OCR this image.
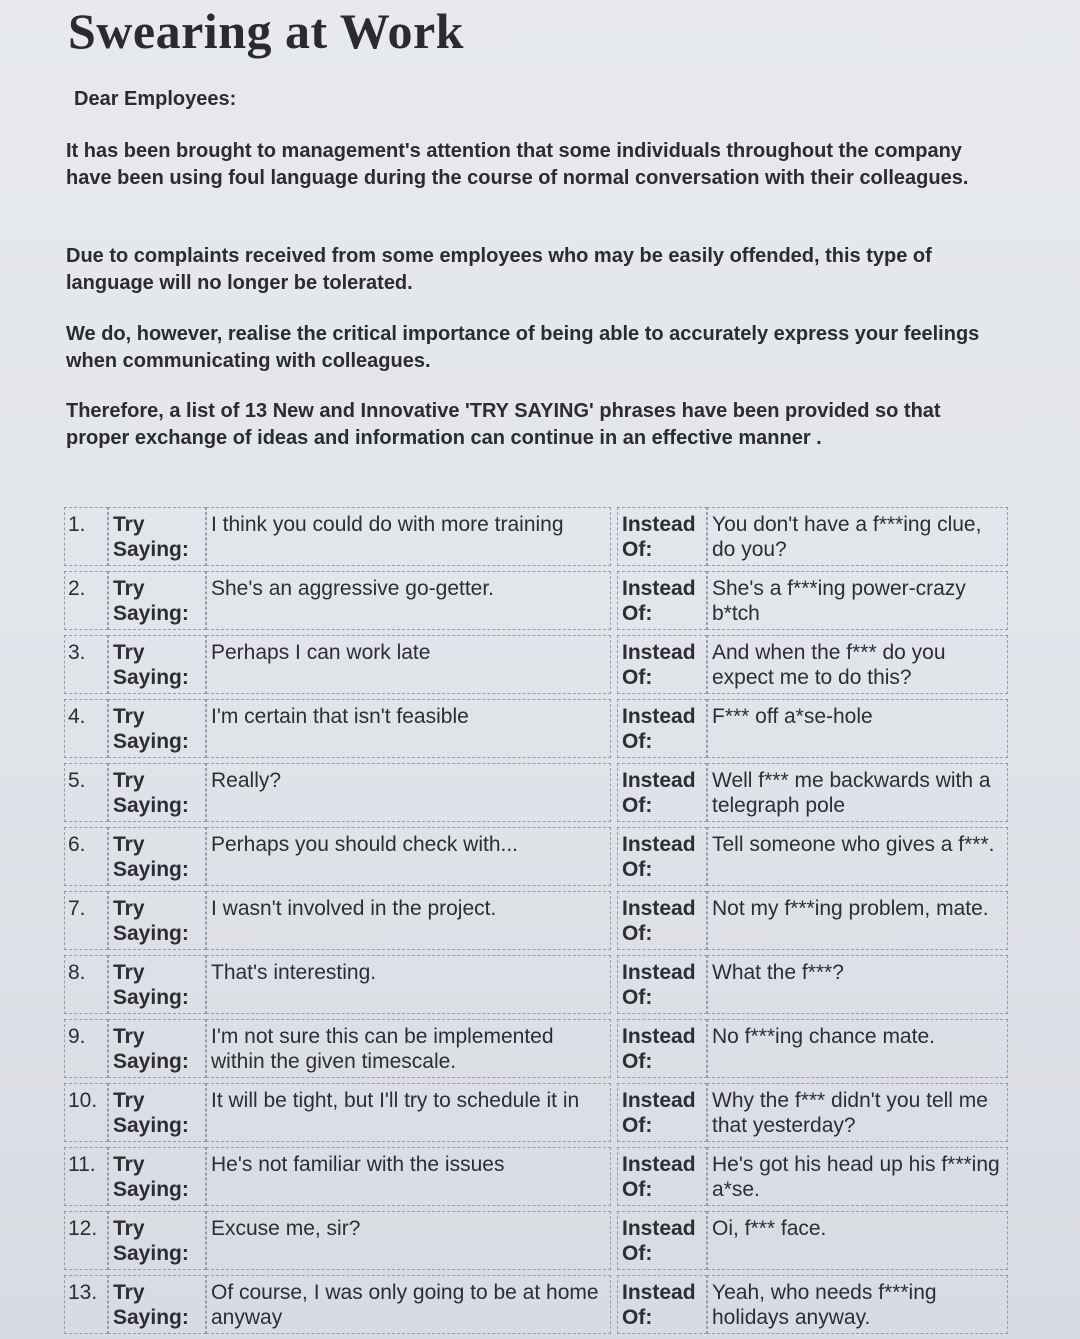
Swearing at Work

Dear Employees:

It has been brought to management's attention that some individuals throughout the company have been using foul language during the course of normal conversation with their colleagues.

Due to complaints received from some employees who may be easily offended, this type of language will no longer be tolerated.

We do, however, realise the critical importance of being able to accurately express your feelings when communicating with colleagues.

Therefore, a list of 13 New and Innovative 'TRY SAYING' phrases have been provided so that proper exchange of ideas and information can continue in an effective manner .

1.	Try
Saying:
I think you could do with more training	Instead
Of:
You don't have a f***ing clue, do you?
2.	Try
Saying:
She's an aggressive go-getter.	Instead
Of:
She's a f***ing power-crazy b*tch
3.	Try
Saying:
Perhaps I can work late	Instead
Of:
And when the f*** do you expect me to do this?
4.	Try
Saying:
I'm certain that isn't feasible	Instead
Of:
F*** off a*se-hole
5.	Try
Saying:
Really?	Instead
Of:
Well f*** me backwards with a telegraph pole
6.	Try
Saying:
Perhaps you should check with...	Instead
Of:
Tell someone who gives a f***.
7.	Try
Saying:
I wasn't involved in the project.	Instead
Of:
Not my f***ing problem, mate.
8.	Try
Saying:
That's interesting.	Instead
Of:
What the f***?
9.	Try
Saying:
I'm not sure this can be implemented within the given timescale.
Instead
Of:
No f***ing chance mate.
10. Try
Saying:
It will be tight, but I'll try to schedule it in	Instead
Of:
Why the f*** didn't you tell me that yesterday?
11. Try
Saying:
He's not familiar with the issues	Instead
Of:
He's got his head up his f***ing a*se.
12. Try
Saying:
Excuse me, sir?	Instead
Of:
Oi, f*** face.
13. Try
Saying:
Of course, I was only going to be at home anyway
Instead
Of:
Yeah, who needs f***ing holidays anyway.
